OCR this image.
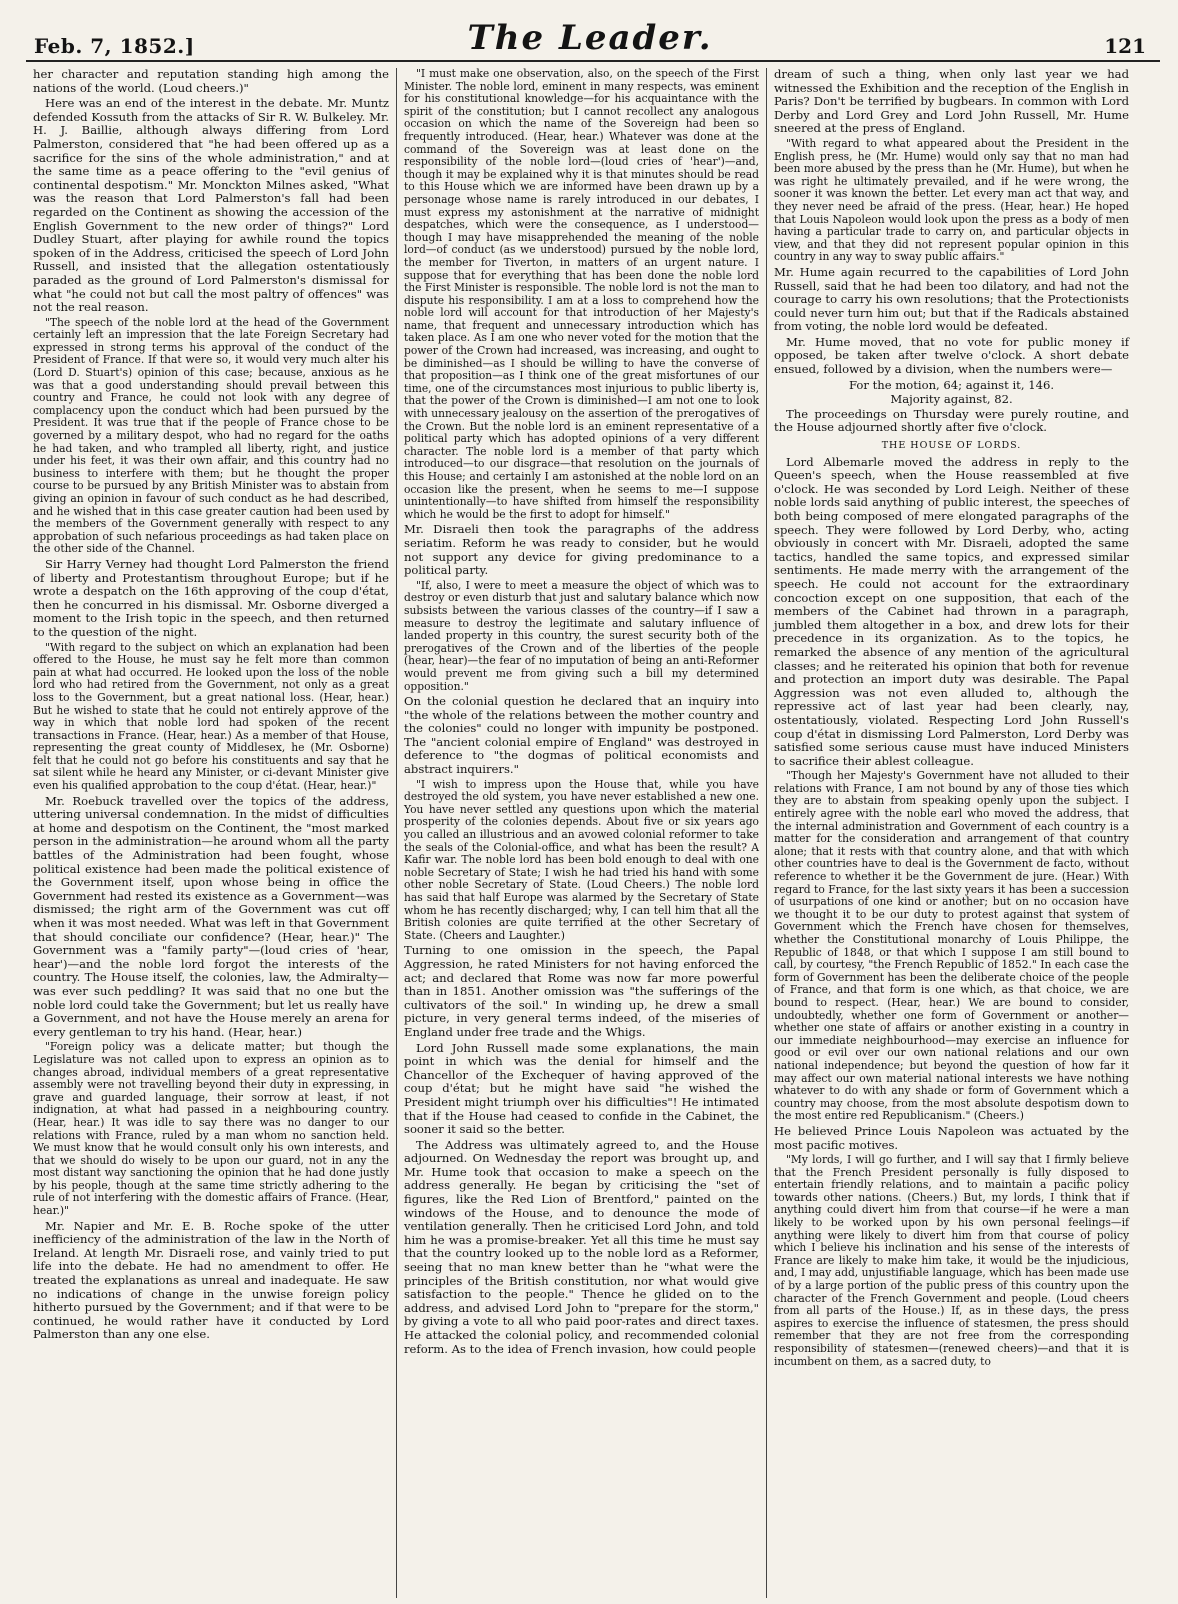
Feb. 7, 1852.]	The Leader.	121

her character and reputation standing high among the nations of the world. (Loud cheers.)"

Here was an end of the interest in the debate. Mr. Muntz defended Kossuth from the attacks of Sir R. W. Bulkeley. Mr. H. J. Baillie, although always differing from Lord Palmerston, considered that "he had been offered up as a sacrifice for the sins of the whole administration," and at the same time as a peace offering to the "evil genius of continental despotism." Mr. Monckton Milnes asked, "What was the reason that Lord Palmerston's fall had been regarded on the Continent as showing the accession of the English Government to the new order of things?" Lord Dudley Stuart, after playing for awhile round the topics spoken of in the Address, criticised the speech of Lord John Russell, and insisted that the allegation ostentatiously paraded as the ground of Lord Palmerston's dismissal for what "he could not but call the most paltry of offences" was not the real reason.

"The speech of the noble lord at the head of the Government certainly left an impression that the late Foreign Secretary had expressed in strong terms his approval of the conduct of the President of France. If that were so, it would very much alter his (Lord D. Stuart's) opinion of this case; because, anxious as he was that a good understanding should prevail between this country and France, he could not look with any degree of complacency upon the conduct which had been pursued by the President. It was true that if the people of France chose to be governed by a military despot, who had no regard for the oaths he had taken, and who trampled all liberty, right, and justice under his feet, it was their own affair, and this country had no business to interfere with them; but he thought the proper course to be pursued by any British Minister was to abstain from giving an opinion in favour of such conduct as he had described, and he wished that in this case greater caution had been used by the members of the Government generally with respect to any approbation of such nefarious proceedings as had taken place on the other side of the Channel.

Sir Harry Verney had thought Lord Palmerston the friend of liberty and Protestantism throughout Europe; but if he wrote a despatch on the 16th approving of the coup d'état, then he concurred in his dismissal. Mr. Osborne diverged a moment to the Irish topic in the speech, and then returned to the question of the night.

"With regard to the subject on which an explanation had been offered to the House, he must say he felt more than common pain at what had occurred. He looked upon the loss of the noble lord who had retired from the Government, not only as a great loss to the Government, but a great national loss. (Hear, hear.) But he wished to state that he could not entirely approve of the way in which that noble lord had spoken of the recent transactions in France. (Hear, hear.) As a member of that House, representing the great county of Middlesex, he (Mr. Osborne) felt that he could not go before his constituents and say that he sat silent while he heard any Minister, or ci-devant Minister give even his qualified approbation to the coup d'état. (Hear, hear.)"

Mr. Roebuck travelled over the topics of the address, uttering universal condemnation. In the midst of difficulties at home and despotism on the Continent, the "most marked person in the administration—he around whom all the party battles of the Administration had been fought, whose political existence had been made the political existence of the Government itself, upon whose being in office the Government had rested its existence as a Government—was dismissed; the right arm of the Government was cut off when it was most needed. What was left in that Government that should conciliate our confidence? (Hear, hear.)" The Government was a "family party"—(loud cries of 'hear, hear')—and the noble lord forgot the interests of the country. The House itself, the colonies, law, the Admiralty—was ever such peddling? It was said that no one but the noble lord could take the Government; but let us really have a Government, and not have the House merely an arena for every gentleman to try his hand. (Hear, hear.)

"Foreign policy was a delicate matter; but though the Legislature was not called upon to express an opinion as to changes abroad, individual members of a great representative assembly were not travelling beyond their duty in expressing, in grave and guarded language, their sorrow at least, if not indignation, at what had passed in a neighbouring country. (Hear, hear.) It was idle to say there was no danger to our relations with France, ruled by a man whom no sanction held. We must know that he would consult only his own interests, and that we should do wisely to be upon our guard, not in any the most distant way sanctioning the opinion that he had done justly by his people, though at the same time strictly adhering to the rule of not interfering with the domestic affairs of France. (Hear, hear.)"

Mr. Napier and Mr. E. B. Roche spoke of the utter inefficiency of the administration of the law in the North of Ireland. At length Mr. Disraeli rose, and vainly tried to put life into the debate. He had no amendment to offer. He treated the explanations as unreal and inadequate. He saw no indications of change in the unwise foreign policy hitherto pursued by the Government; and if that were to be continued, he would rather have it conducted by Lord Palmerston than any one else.

"I must make one observation, also, on the speech of the First Minister. The noble lord, eminent in many respects, was eminent for his constitutional knowledge—for his acquaintance with the spirit of the constitution; but I cannot recollect any analogous occasion on which the name of the Sovereign had been so frequently introduced. (Hear, hear.) Whatever was done at the command of the Sovereign was at least done on the responsibility of the noble lord—(loud cries of 'hear')—and, though it may be explained why it is that minutes should be read to this House which we are informed have been drawn up by a personage whose name is rarely introduced in our debates, I must express my astonishment at the narrative of midnight despatches, which were the consequence, as I understood—though I may have misapprehended the meaning of the noble lord—of conduct (as we understood) pursued by the noble lord, the member for Tiverton, in matters of an urgent nature. I suppose that for everything that has been done the noble lord the First Minister is responsible. The noble lord is not the man to dispute his responsibility. I am at a loss to comprehend how the noble lord will account for that introduction of her Majesty's name, that frequent and unnecessary introduction which has taken place. As I am one who never voted for the motion that the power of the Crown had increased, was increasing, and ought to be diminished—as I should be willing to have the converse of that proposition—as I think one of the great misfortunes of our time, one of the circumstances most injurious to public liberty is, that the power of the Crown is diminished—I am not one to look with unnecessary jealousy on the assertion of the prerogatives of the Crown. But the noble lord is an eminent representative of a political party which has adopted opinions of a very different character. The noble lord is a member of that party which introduced—to our disgrace—that resolution on the journals of this House; and certainly I am astonished at the noble lord on an occasion like the present, when he seems to me—I suppose unintentionally—to have shifted from himself the responsibility which he would be the first to adopt for himself."

Mr. Disraeli then took the paragraphs of the address seriatim. Reform he was ready to consider, but he would not support any device for giving predominance to a political party.

"If, also, I were to meet a measure the object of which was to destroy or even disturb that just and salutary balance which now subsists between the various classes of the country—if I saw a measure to destroy the legitimate and salutary influence of landed property in this country, the surest security both of the prerogatives of the Crown and of the liberties of the people (hear, hear)—the fear of no imputation of being an anti-Reformer would prevent me from giving such a bill my determined opposition."

On the colonial question he declared that an inquiry into "the whole of the relations between the mother country and the colonies" could no longer with impunity be postponed. The "ancient colonial empire of England" was destroyed in deference to "the dogmas of political economists and abstract inquirers."

"I wish to impress upon the House that, while you have destroyed the old system, you have never established a new one. You have never settled any questions upon which the material prosperity of the colonies depends. About five or six years ago you called an illustrious and an avowed colonial reformer to take the seals of the Colonial-office, and what has been the result? A Kafir war. The noble lord has been bold enough to deal with one noble Secretary of State; I wish he had tried his hand with some other noble Secretary of State. (Loud Cheers.) The noble lord has said that half Europe was alarmed by the Secretary of State whom he has recently discharged; why, I can tell him that all the British colonies are quite terrified at the other Secretary of State. (Cheers and Laughter.)

Turning to one omission in the speech, the Papal Aggression, he rated Ministers for not having enforced the act; and declared that Rome was now far more powerful than in 1851. Another omission was "the sufferings of the cultivators of the soil." In winding up, he drew a small picture, in very general terms indeed, of the miseries of England under free trade and the Whigs.

Lord John Russell made some explanations, the main point in which was the denial for himself and the Chancellor of the Exchequer of having approved of the coup d'état; but he might have said "he wished the President might triumph over his difficulties"! He intimated that if the House had ceased to confide in the Cabinet, the sooner it said so the better.

The Address was ultimately agreed to, and the House adjourned. On Wednesday the report was brought up, and Mr. Hume took that occasion to make a speech on the address generally. He began by criticising the "set of figures, like the Red Lion of Brentford," painted on the windows of the House, and to denounce the mode of ventilation generally. Then he criticised Lord John, and told him he was a promise-breaker. Yet all this time he must say that the country looked up to the noble lord as a Reformer, seeing that no man knew better than he "what were the principles of the British constitution, nor what would give satisfaction to the people." Thence he glided on to the address, and advised Lord John to "prepare for the storm," by giving a vote to all who paid poor-rates and direct taxes. He attacked the colonial policy, and recommended colonial reform. As to the idea of French invasion, how could people

dream of such a thing, when only last year we had witnessed the Exhibition and the reception of the English in Paris? Don't be terrified by bugbears. In common with Lord Derby and Lord Grey and Lord John Russell, Mr. Hume sneered at the press of England.

"With regard to what appeared about the President in the English press, he (Mr. Hume) would only say that no man had been more abused by the press than he (Mr. Hume), but when he was right he ultimately prevailed, and if he were wrong, the sooner it was known the better. Let every man act that way, and they never need be afraid of the press. (Hear, hear.) He hoped that Louis Napoleon would look upon the press as a body of men having a particular trade to carry on, and particular objects in view, and that they did not represent popular opinion in this country in any way to sway public affairs."

Mr. Hume again recurred to the capabilities of Lord John Russell, said that he had been too dilatory, and had not the courage to carry his own resolutions; that the Protectionists could never turn him out; but that if the Radicals abstained from voting, the noble lord would be defeated.

Mr. Hume moved, that no vote for public money if opposed, be taken after twelve o'clock. A short debate ensued, followed by a division, when the numbers were—

For the motion, 64; against it, 146.

Majority against, 82.

The proceedings on Thursday were purely routine, and the House adjourned shortly after five o'clock.

THE HOUSE OF LORDS.

Lord Albemarle moved the address in reply to the Queen's speech, when the House reassembled at five o'clock. He was seconded by Lord Leigh. Neither of these noble lords said anything of public interest, the speeches of both being composed of mere elongated paragraphs of the speech. They were followed by Lord Derby, who, acting obviously in concert with Mr. Disraeli, adopted the same tactics, handled the same topics, and expressed similar sentiments. He made merry with the arrangement of the speech. He could not account for the extraordinary concoction except on one supposition, that each of the members of the Cabinet had thrown in a paragraph, jumbled them altogether in a box, and drew lots for their precedence in its organization. As to the topics, he remarked the absence of any mention of the agricultural classes; and he reiterated his opinion that both for revenue and protection an import duty was desirable. The Papal Aggression was not even alluded to, although the repressive act of last year had been clearly, nay, ostentatiously, violated. Respecting Lord John Russell's coup d'état in dismissing Lord Palmerston, Lord Derby was satisfied some serious cause must have induced Ministers to sacrifice their ablest colleague.

"Though her Majesty's Government have not alluded to their relations with France, I am not bound by any of those ties which they are to abstain from speaking openly upon the subject. I entirely agree with the noble earl who moved the address, that the internal administration and Government of each country is a matter for the consideration and arrangement of that country alone; that it rests with that country alone, and that with which other countries have to deal is the Government de facto, without reference to whether it be the Government de jure. (Hear.) With regard to France, for the last sixty years it has been a succession of usurpations of one kind or another; but on no occasion have we thought it to be our duty to protest against that system of Government which the French have chosen for themselves, whether the Constitutional monarchy of Louis Philippe, the Republic of 1848, or that which I suppose I am still bound to call, by courtesy, "the French Republic of 1852." In each case the form of Government has been the deliberate choice of the people of France, and that form is one which, as that choice, we are bound to respect. (Hear, hear.) We are bound to consider, undoubtedly, whether one form of Government or another—whether one state of affairs or another existing in a country in our immediate neighbourhood—may exercise an influence for good or evil over our own national relations and our own national independence; but beyond the question of how far it may affect our own material national interests we have nothing whatever to do with any shade or form of Government which a country may choose, from the most absolute despotism down to the most entire red Republicanism." (Cheers.)

He believed Prince Louis Napoleon was actuated by the most pacific motives.

"My lords, I will go further, and I will say that I firmly believe that the French President personally is fully disposed to entertain friendly relations, and to maintain a pacific policy towards other nations. (Cheers.) But, my lords, I think that if anything could divert him from that course—if he were a man likely to be worked upon by his own personal feelings—if anything were likely to divert him from that course of policy which I believe his inclination and his sense of the interests of France are likely to make him take, it would be the injudicious, and, I may add, unjustifiable language, which has been made use of by a large portion of the public press of this country upon the character of the French Government and people. (Loud cheers from all parts of the House.) If, as in these days, the press aspires to exercise the influence of statesmen, the press should remember that they are not free from the corresponding responsibility of statesmen—(renewed cheers)—and that it is incumbent on them, as a sacred duty, to
